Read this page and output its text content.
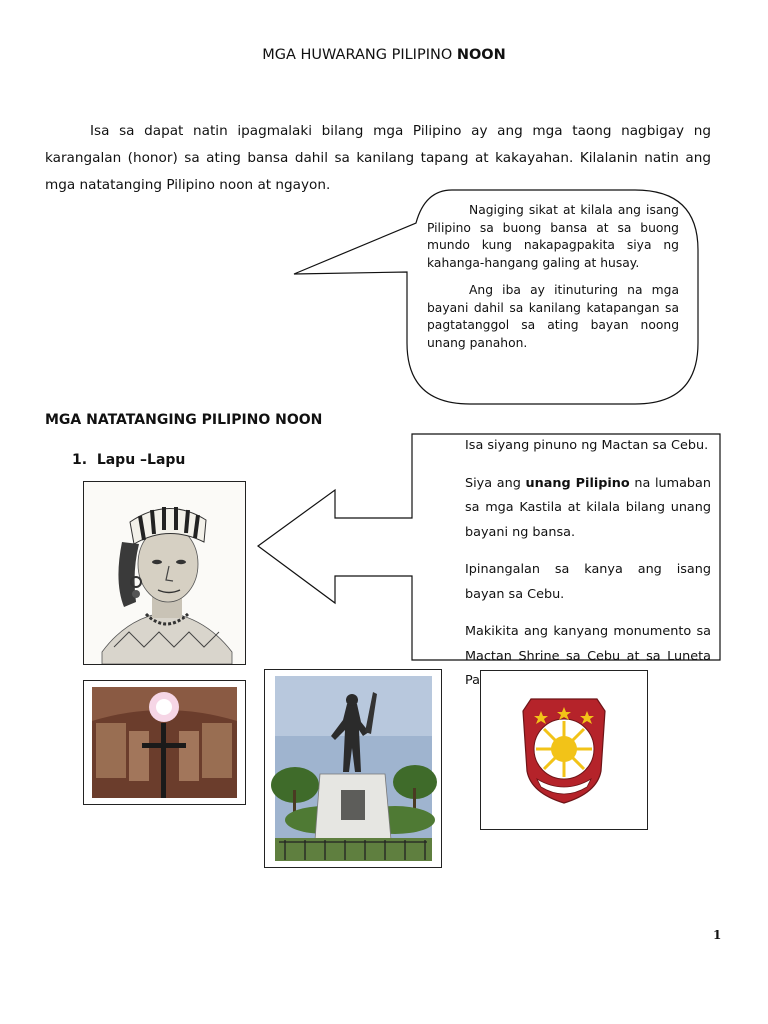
MGA HUWARANG PILIPINO NOON
Isa sa dapat natin ipagmalaki bilang mga Pilipino ay ang mga taong nagbigay ng karangalan (honor) sa ating bansa dahil sa kanilang tapang at kakayahan. Kilalanin natin ang mga natatanging Pilipino noon at ngayon.

Nagiging sikat at kilala ang isang Pilipino sa buong bansa at sa buong mundo kung nakapagpakita siya ng kahanga-hangang galing at husay.

Ang iba ay itinuturing na mga bayani dahil sa kanilang katapangan sa pagtatanggol sa ating bayan noong unang panahon.

MGA NATATANGING PILIPINO NOON
1. Lapu –Lapu

Isa siyang pinuno ng Mactan sa Cebu.

Siya ang unang Pilipino na lumaban sa mga Kastila at kilala bilang unang bayani ng bansa.

Ipinangalan sa kanya ang isang bayan sa Cebu.

Makikita ang kanyang monumento sa Mactan Shrine sa Cebu at sa Luneta Pa

1
